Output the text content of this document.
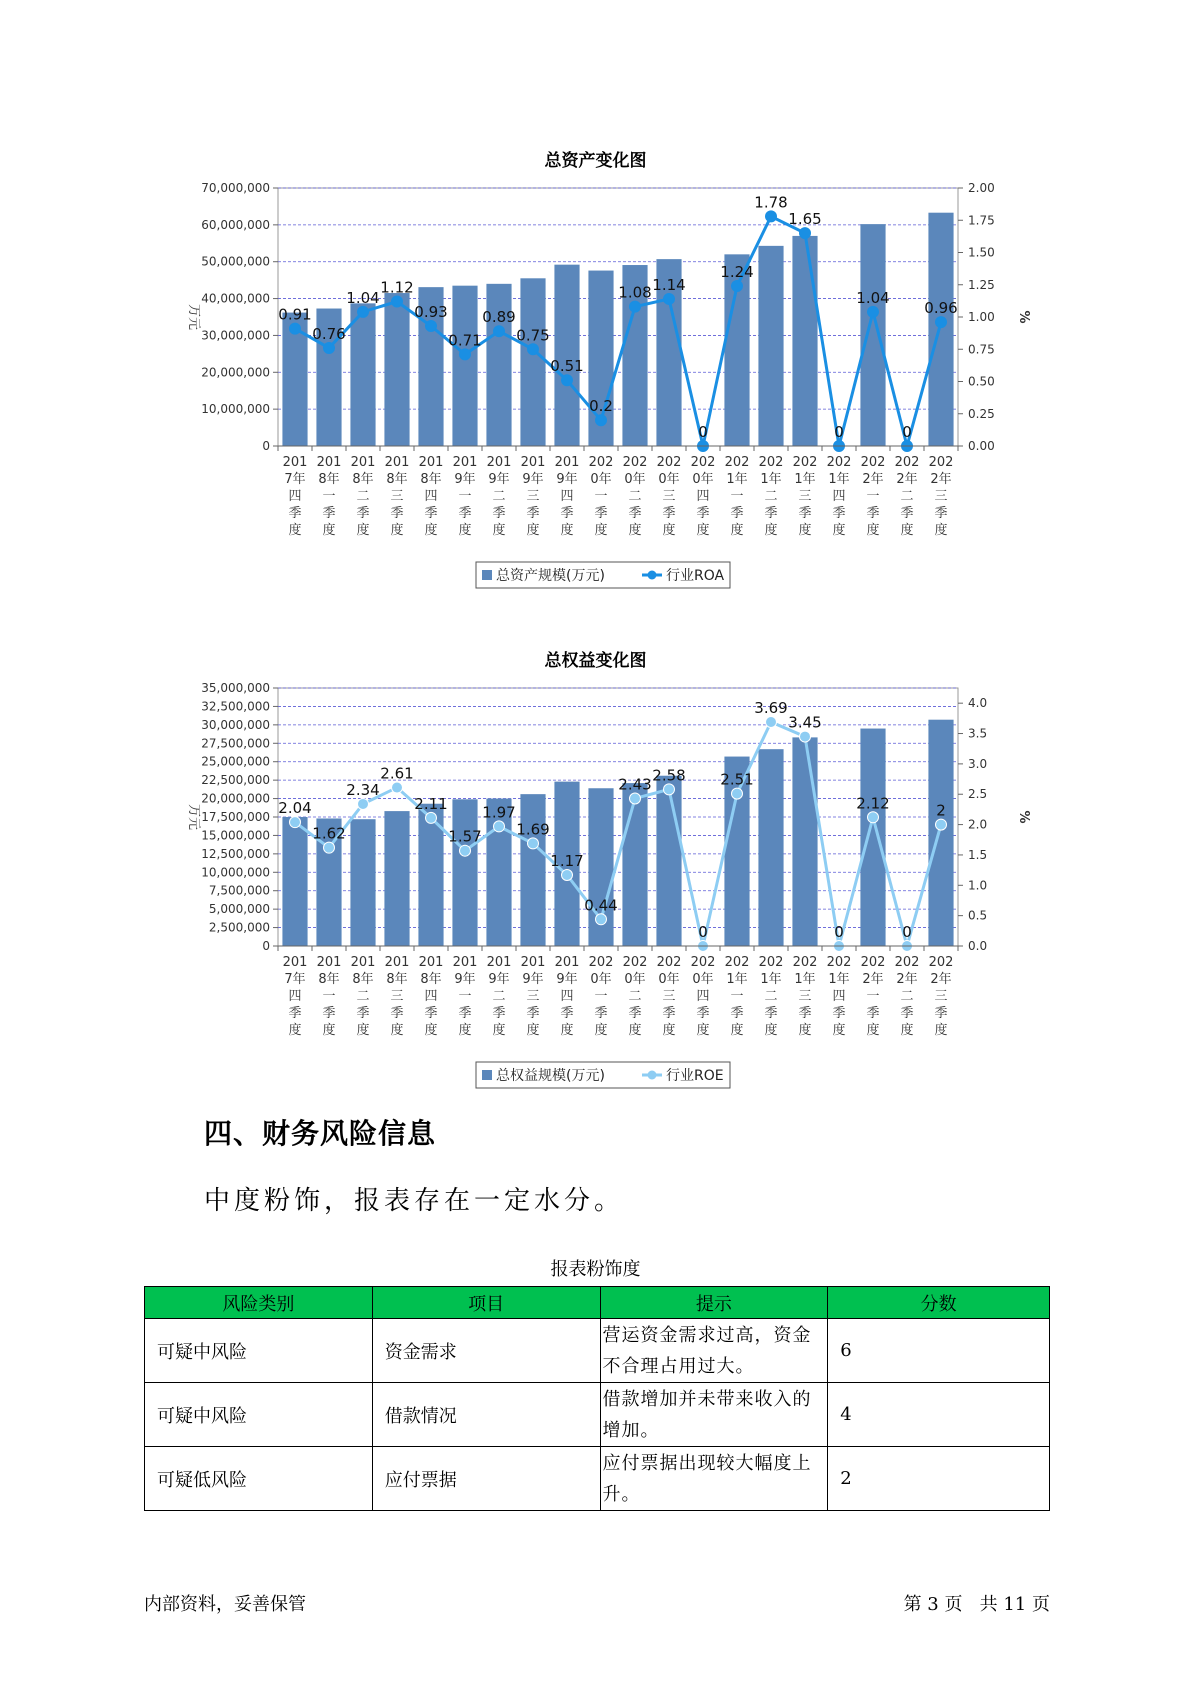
总资产变化图
0
10,000,000
20,000,000
30,000,000
40,000,000
50,000,000
60,000,000
70,000,000
0.00
0.25
0.50
0.75
1.00
1.25
1.50
1.75
2.00
万元	%
0.91
0.76
1.04
1.12
0.93
0.71
0.89
0.75
0.51
0.2
1.08 1.14
0
1.24
1.78
1.65
0
1.04
0
0.96
201
7年
四
季
度
201
8年
一
季
度
201
8年
二
季
度
201
8年
三
季
度
201
8年
四
季
度
201
9年
一
季
度
201
9年
二
季
度
201
9年
三
季
度
201
9年
四
季
度
202
0年
一
季
度
202
0年
二
季
度
202
0年
三
季
度
202
0年
四
季
度
202
1年
一
季
度
202
1年
二
季
度
202
1年
三
季
度
202
1年
四
季
度
202
2年
一
季
度
202
2年
二
季
度
202
2年
三
季
度
总资产规模(万元)	行业ROA
总权益变化图
0
2,500,000
5,000,000
7,500,000
10,000,000
12,500,000
15,000,000
17,500,000
20,000,000
22,500,000
25,000,000
27,500,000
30,000,000
32,500,000
35,000,000
0.0
0.5
1.0
1.5
2.0
2.5
3.0
3.5
4.0
万元	%
2.04
1.62
2.34
2.61
2.11
1.57
1.97
1.69
1.17
0.44
2.43
2.58
0
2.51
3.69
3.45
0
2.12
0
2
201
7年
四
季
度
201
8年
一
季
度
201
8年
二
季
度
201
8年
三
季
度
201
8年
四
季
度
201
9年
一
季
度
201
9年
二
季
度
201
9年
三
季
度
201
9年
四
季
度
202
0年
一
季
度
202
0年
二
季
度
202
0年
三
季
度
202
0年
四
季
度
202
1年
一
季
度
202
1年
二
季
度
202
1年
三
季
度
202
1年
四
季
度
202
2年
一
季
度
202
2年
二
季
度
202
2年
三
季
度
总权益规模(万元)	行业ROE
四、财务风险信息

中度粉饰，报表存在一定水分。

报表粉饰度
风险类别	项目	提示	分数
可疑中风险	资金需求	营运资金需求过高，资金不合理占用过大。	6
可疑中风险	借款情况	借款增加并未带来收入的增加。	4
可疑低风险	应付票据	应付票据出现较大幅度上升。	2
内部资料，妥善保管	第 3 页   共 11 页
